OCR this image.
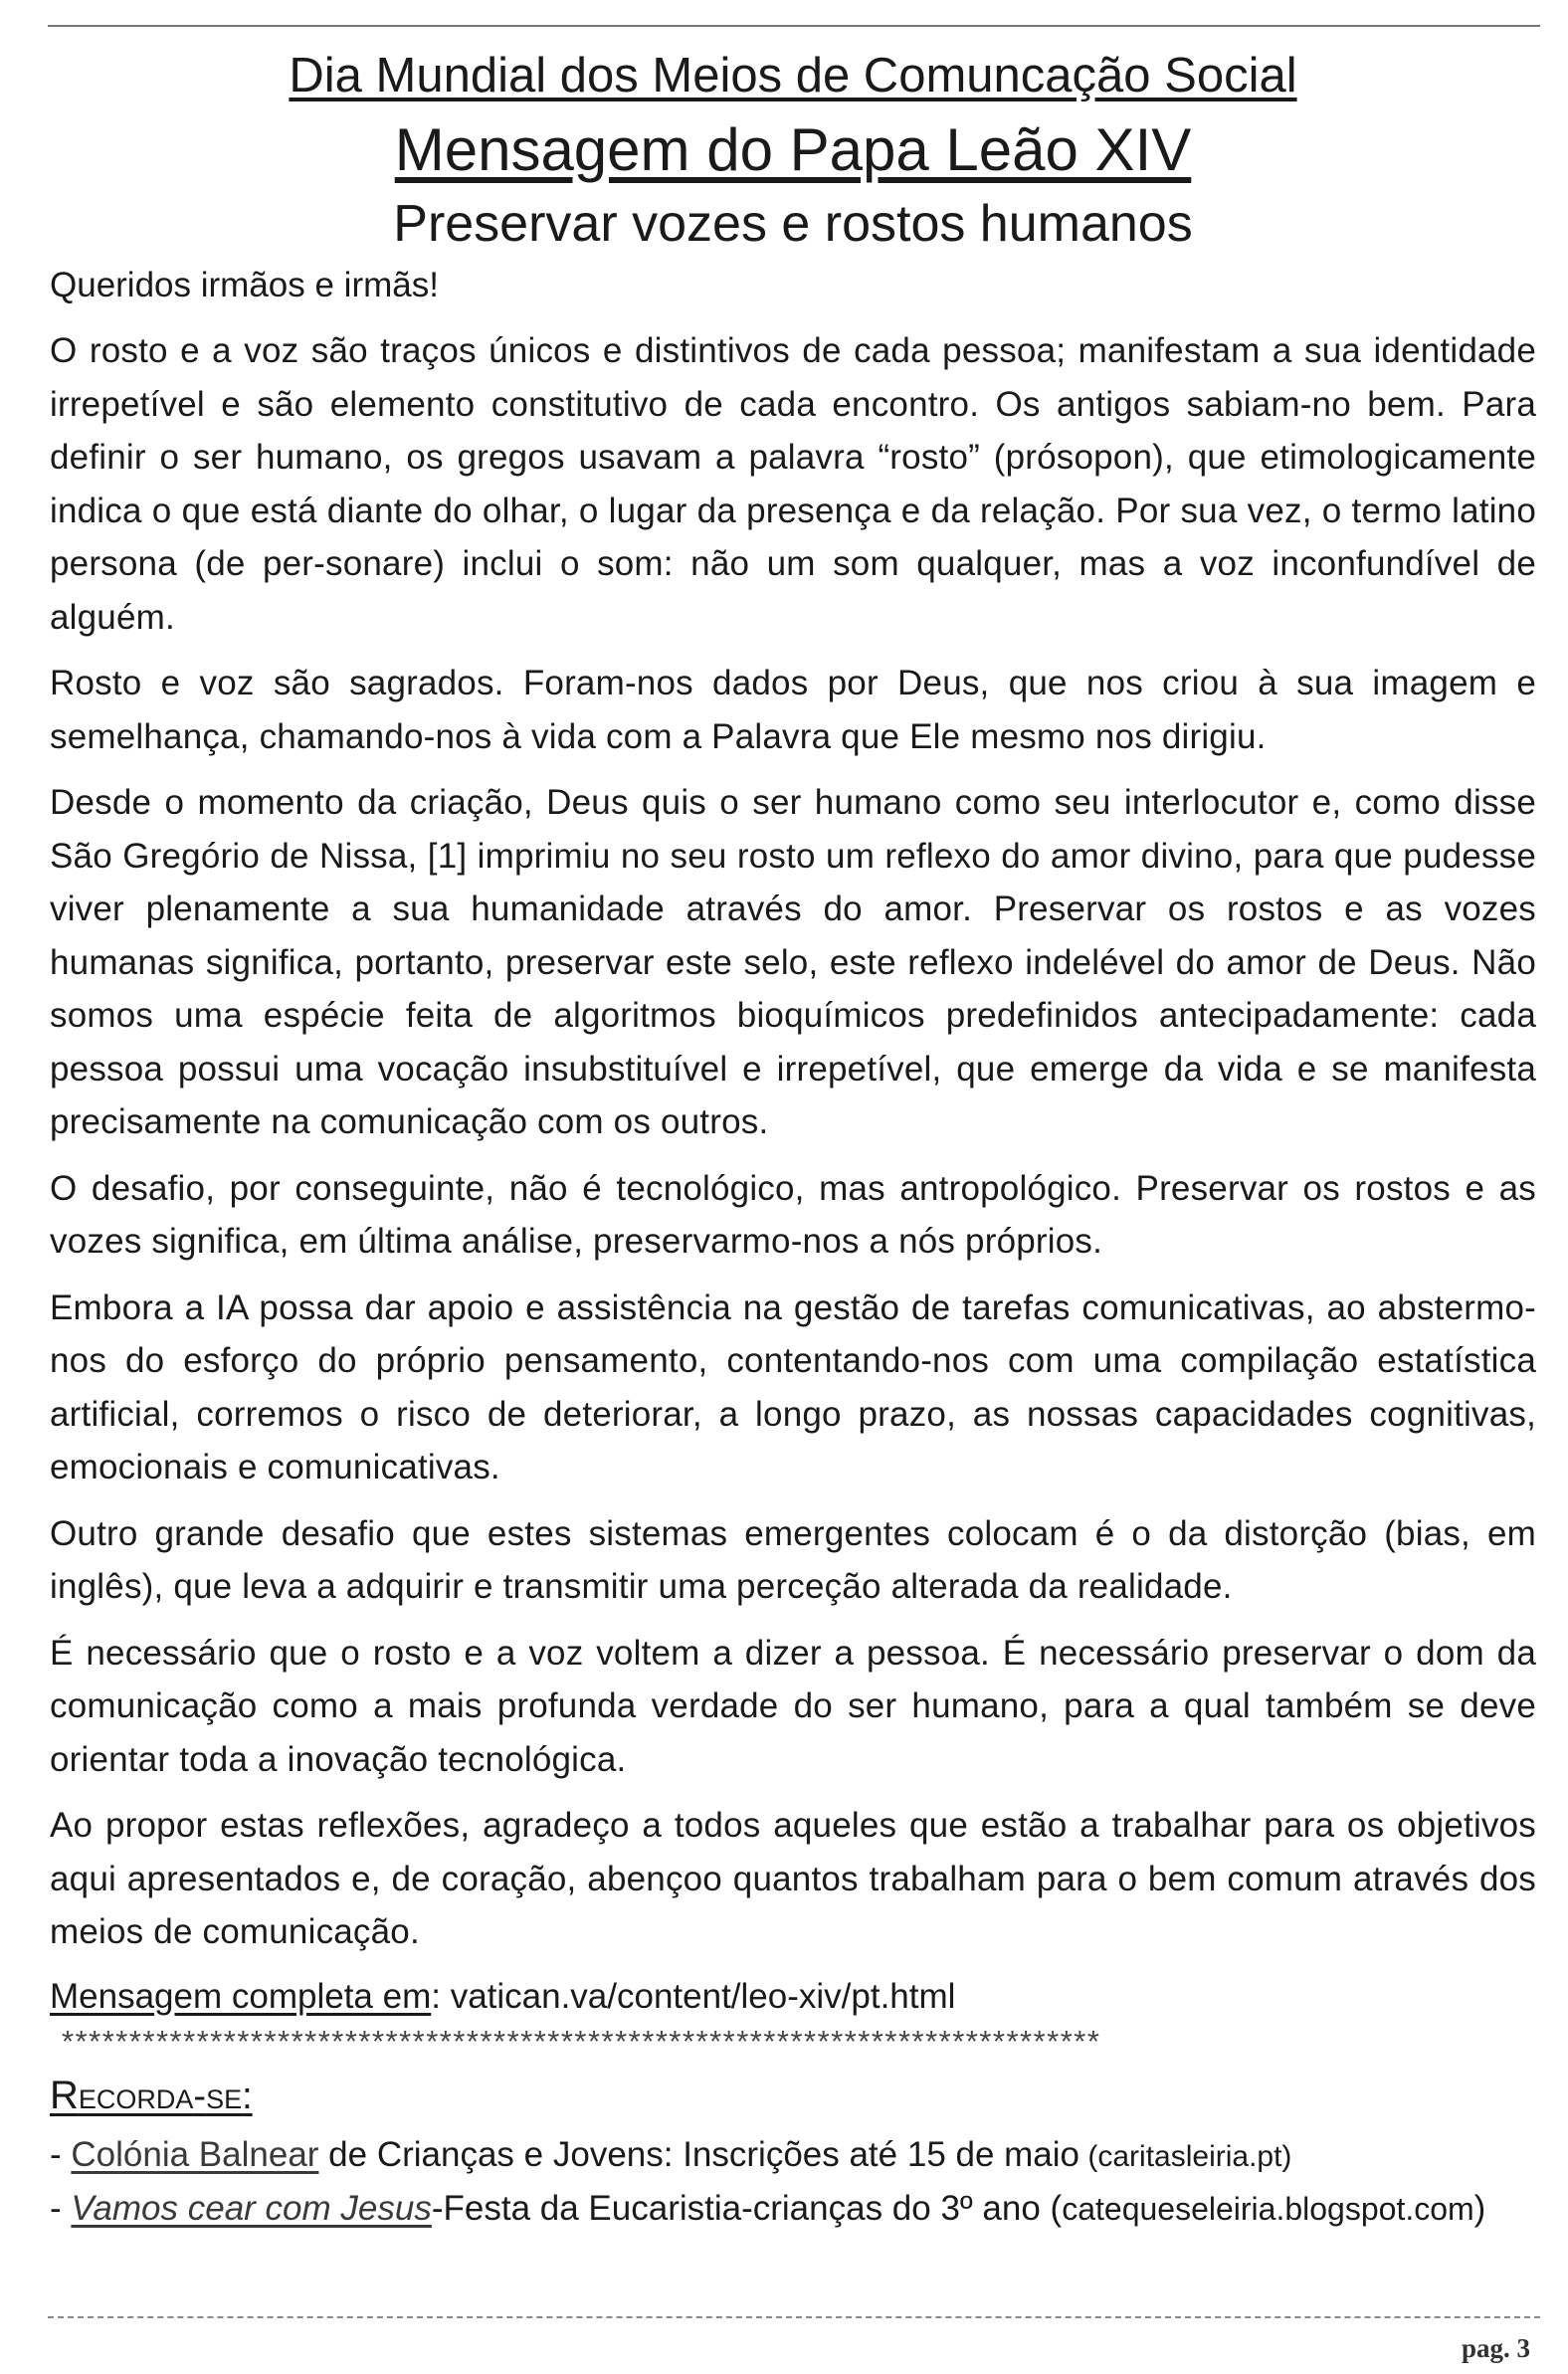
Dia Mundial dos Meios de Comuncação Social
Mensagem do Papa Leão XIV
Preservar vozes e rostos humanos

Queridos irmãos e irmãs!

O rosto e a voz são traços únicos e distintivos de cada pessoa; manifestam a sua identidade irrepetível e são elemento constitutivo de cada encontro. Os antigos sabiam-no bem. Para definir o ser humano, os gregos usavam a palavra “rosto” (prósopon), que etimologicamente indica o que está diante do olhar, o lugar da presença e da relação. Por sua vez, o termo latino persona (de per-sonare) inclui o som: não um som qualquer, mas a voz inconfundível de alguém.

Rosto e voz são sagrados. Foram-nos dados por Deus, que nos criou à sua imagem e semelhança, chamando-nos à vida com a Palavra que Ele mesmo nos dirigiu.

Desde o momento da criação, Deus quis o ser humano como seu interlocutor e, como disse São Gregório de Nissa, [1] imprimiu no seu rosto um reflexo do amor divino, para que pudesse viver plenamente a sua humanidade através do amor. Preservar os rostos e as vozes humanas significa, portanto, preservar este selo, este reflexo indelével do amor de Deus. Não somos uma espécie feita de algoritmos bioquímicos predefinidos antecipadamente: cada pessoa possui uma vocação insubstituível e irrepetível, que emerge da vida e se manifesta precisamente na comunicação com os outros.

O desafio, por conseguinte, não é tecnológico, mas antropológico. Preservar os rostos e as vozes significa, em última análise, preservarmo-nos a nós próprios.

Embora a IA possa dar apoio e assistência na gestão de tarefas comunicativas, ao abstermo-nos do esforço do próprio pensamento, contentando-nos com uma compilação estatística artificial, corremos o risco de deteriorar, a longo prazo, as nossas capacidades cognitivas, emocionais e comunicativas.

Outro grande desafio que estes sistemas emergentes colocam é o da distorção (bias, em inglês), que leva a adquirir e transmitir uma perceção alterada da realidade.

É necessário que o rosto e a voz voltem a dizer a pessoa. É necessário preservar o dom da comunicação como a mais profunda verdade do ser humano, para a qual também se deve orientar toda a inovação tecnológica.

Ao propor estas reflexões, agradeço a todos aqueles que estão a trabalhar para os objetivos aqui apresentados e, de coração, abençoo quantos trabalham para o bem comum através dos meios de comunicação.

Mensagem completa em: vatican.va/content/leo-xiv/pt.html

*****************************************************************************

RECORDA-SE:

- Colónia Balnear de Crianças e Jovens: Inscrições até 15 de maio (caritasleiria.pt)

- Vamos cear com Jesus-Festa da Eucaristia-crianças do 3º ano (catequeseleiria.blogspot.com)

pag. 3
